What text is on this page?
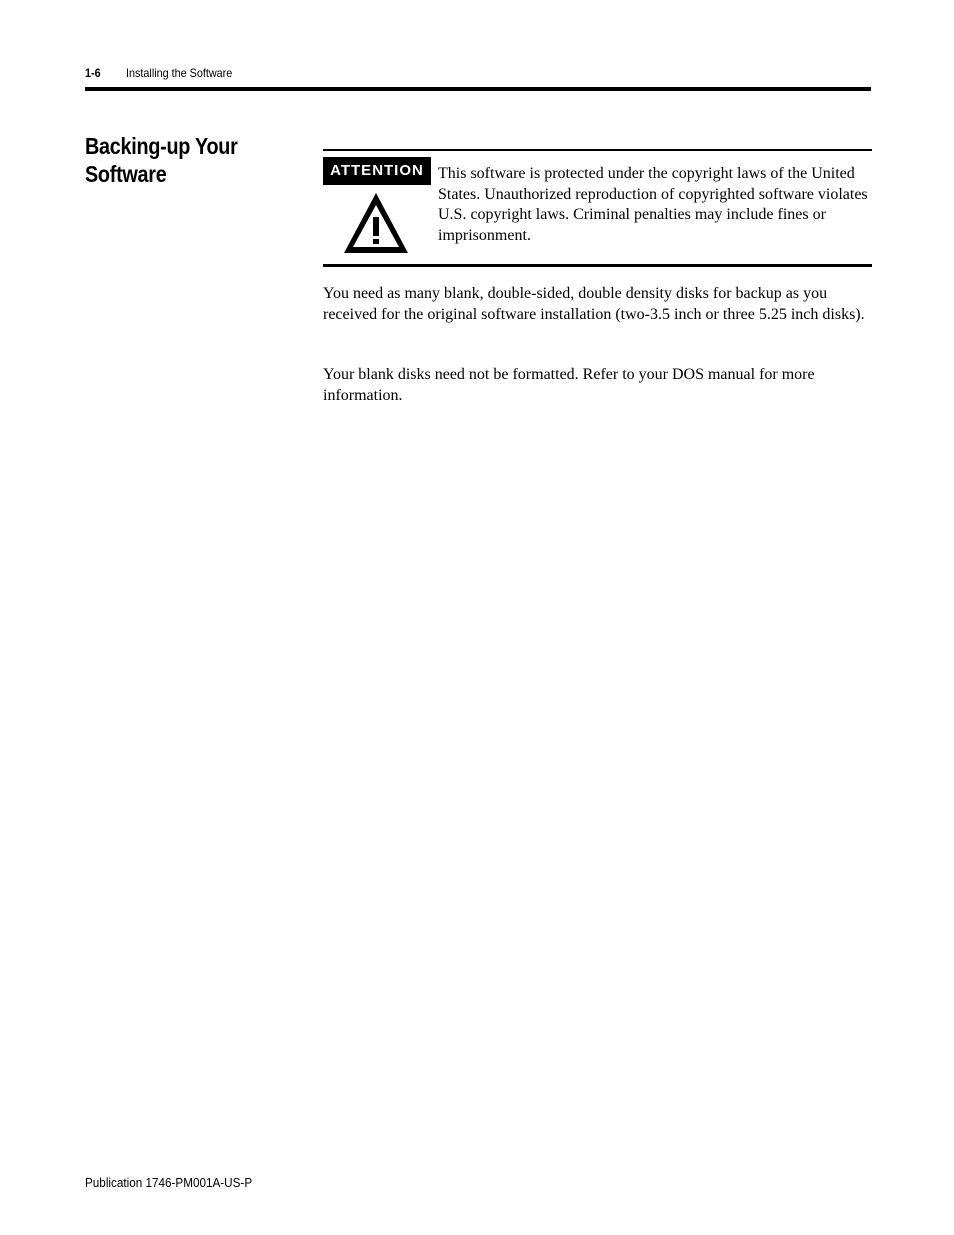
1-6 Installing the Software
Backing-up Your Software	ATTENTION This software is protected under the copyright laws of the United States. Unauthorized reproduction of copyrighted software violates U.S. copyright laws. Criminal penalties may include fines or imprisonment.

You need as many blank, double-sided, double density disks for backup as you received for the original software installation (two-3.5 inch or three 5.25 inch disks).

Your blank disks need not be formatted. Refer to your DOS manual for more information.

Publication 1746-PM001A-US-P
